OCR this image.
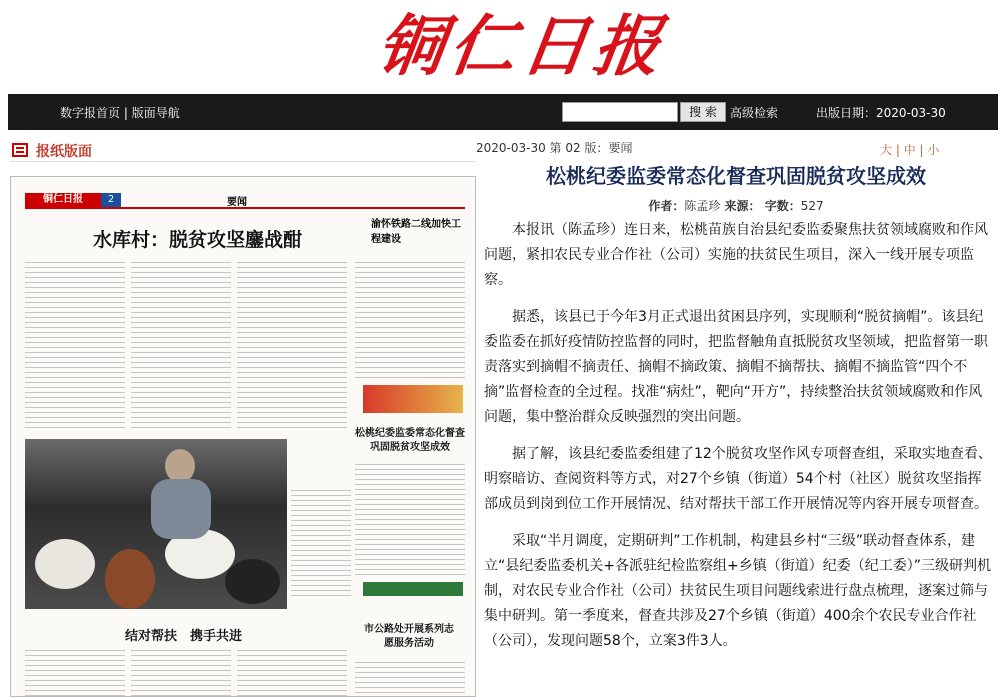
铜仁日报
数字报首页 | 版面导航	搜 索	高级检索	出版日期：2020-03-30
报纸版面
铜仁日报	2	要闻
水库村：脱贫攻坚鏖战酣
渝怀铁路二线加快工程建设
松桃纪委监委常态化督查巩固脱贫攻坚成效
结对帮扶　携手共进	市公路处开展系列志愿服务活动
2020-03-30 第 02 版：要闻	大 | 中 | 小
松桃纪委监委常态化督查巩固脱贫攻坚成效
作者：陈孟珍 来源： 字数：527

本报讯（陈孟珍）连日来，松桃苗族自治县纪委监委聚焦扶贫领域腐败和作风问题，紧扣农民专业合作社（公司）实施的扶贫民生项目，深入一线开展专项监察。

据悉，该县已于今年3月正式退出贫困县序列，实现顺利“脱贫摘帽”。该县纪委监委在抓好疫情防控监督的同时，把监督触角直抵脱贫攻坚领域，把监督第一职责落实到摘帽不摘责任、摘帽不摘政策、摘帽不摘帮扶、摘帽不摘监管“四个不摘”监督检查的全过程。找准“病灶”，靶向“开方”，持续整治扶贫领域腐败和作风问题，集中整治群众反映强烈的突出问题。

据了解，该县纪委监委组建了12个脱贫攻坚作风专项督查组，采取实地查看、明察暗访、查阅资料等方式，对27个乡镇（街道）54个村（社区）脱贫攻坚指挥部成员到岗到位工作开展情况、结对帮扶干部工作开展情况等内容开展专项督查。

采取“半月调度，定期研判”工作机制，构建县乡村“三级”联动督查体系，建立“县纪委监委机关+各派驻纪检监察组+乡镇（街道）纪委（纪工委）”三级研判机制，对农民专业合作社（公司）扶贫民生项目问题线索进行盘点梳理，逐案过筛与集中研判。第一季度来，督查共涉及27个乡镇（街道）400余个农民专业合作社（公司），发现问题58个，立案3件3人。
